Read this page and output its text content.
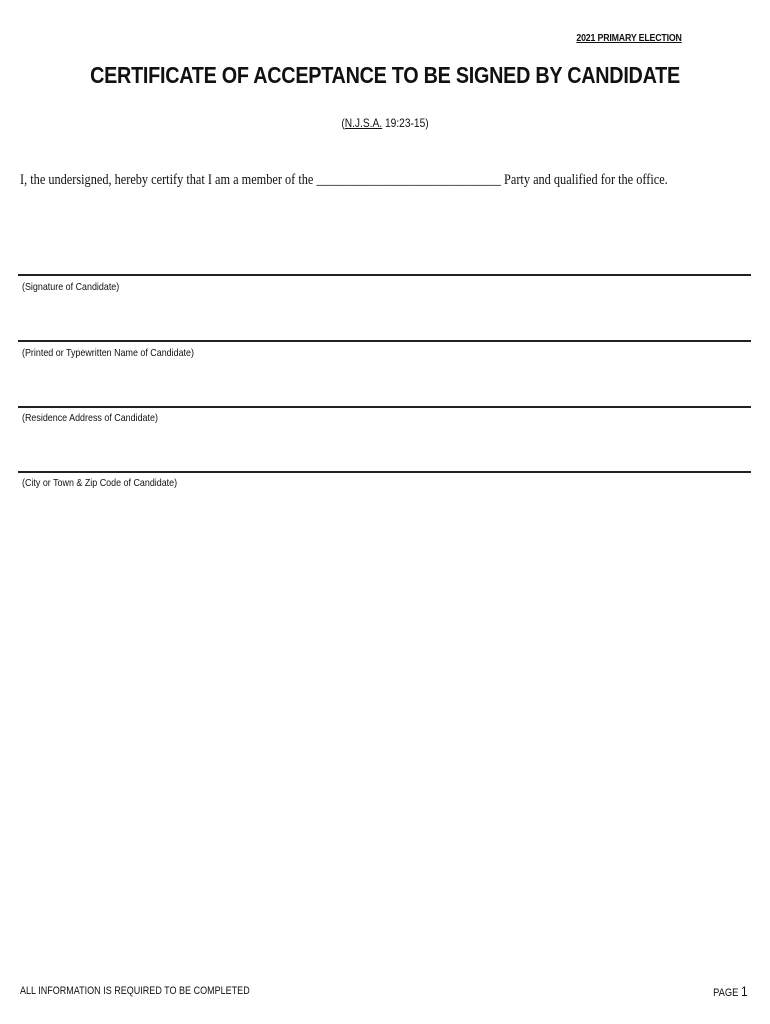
2021 PRIMARY ELECTION
CERTIFICATE OF ACCEPTANCE TO BE SIGNED BY CANDIDATE
(N.J.S.A. 19:23-15)
I, the undersigned, hereby certify that I am a member of the ______________________________ Party and qualified for the office.
(Signature of Candidate)
(Printed or Typewritten Name of Candidate)
(Residence Address of Candidate)
(City or Town & Zip Code of Candidate)
ALL INFORMATION IS REQUIRED TO BE COMPLETED	PAGE 1
